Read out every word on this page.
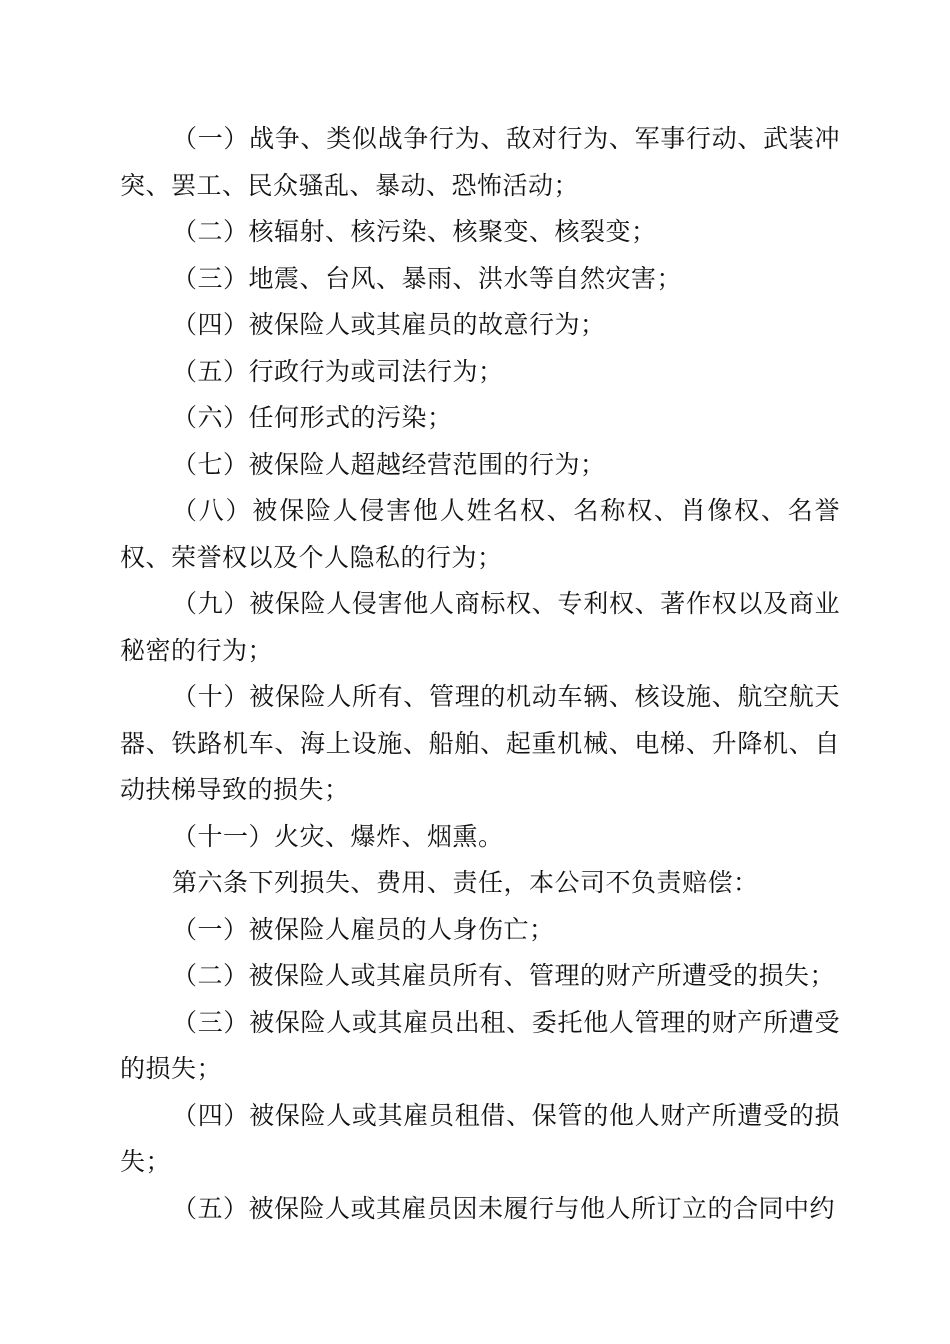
（一）战争、类似战争行为、敌对行为、军事行动、武装冲突、罢工、民众骚乱、暴动、恐怖活动；

（二）核辐射、核污染、核聚变、核裂变；

（三）地震、台风、暴雨、洪水等自然灾害；

（四）被保险人或其雇员的故意行为；

（五）行政行为或司法行为；

（六）任何形式的污染；

（七）被保险人超越经营范围的行为；

（八）被保险人侵害他人姓名权、名称权、肖像权、名誉权、荣誉权以及个人隐私的行为；

（九）被保险人侵害他人商标权、专利权、著作权以及商业秘密的行为；

（十）被保险人所有、管理的机动车辆、核设施、航空航天器、铁路机车、海上设施、船舶、起重机械、电梯、升降机、自动扶梯导致的损失；

（十一）火灾、爆炸、烟熏。

第六条下列损失、费用、责任，本公司不负责赔偿：

（一）被保险人雇员的人身伤亡；

（二）被保险人或其雇员所有、管理的财产所遭受的损失；

（三）被保险人或其雇员出租、委托他人管理的财产所遭受的损失；

（四）被保险人或其雇员租借、保管的他人财产所遭受的损失；

（五）被保险人或其雇员因未履行与他人所订立的合同中约
